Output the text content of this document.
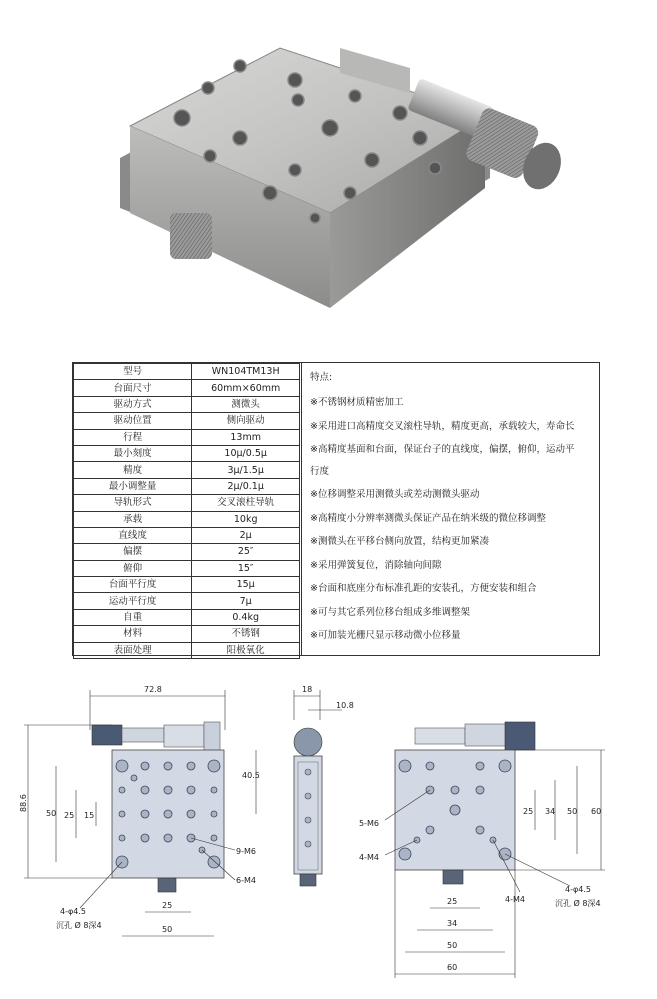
型号	WN104TM13H
台面尺寸	60mm×60mm
驱动方式	测微头
驱动位置	侧向驱动
行程	13mm
最小刻度	10μ/0.5μ
精度	3μ/1.5μ
最小调整量	2μ/0.1μ
导轨形式	交叉滚柱导轨
承载	10kg
直线度	2μ
偏摆	25″
俯仰	15″
台面平行度	15μ
运动平行度	7μ
自重	0.4kg
材料	不锈钢
表面处理	阳极氧化
特点:
※不锈钢材质精密加工
※采用进口高精度交叉滚柱导轨，精度更高，承载较大，寿命长
※高精度基面和台面，保证台子的直线度，偏摆，俯仰，运动平
行度
※位移调整采用测微头或差动测微头驱动
※高精度小分辨率测微头保证产品在纳米级的微位移调整
※测微头在平移台侧向放置，结构更加紧凑
※采用弹簧复位，消除轴向间隙
※台面和底座分布标准孔距的安装孔，方便安装和组合
※可与其它系列位移台组成多维调整架
※可加装光栅尺显示移动微小位移量
72.8
88.6
50 25 15
40.5
9-M6
6-M4
4-φ4.5
沉孔 Ø 8深4
25
50
18
10.8
5-M6
4-M4
25 34 50 60
4-M4
4-φ4.5
沉孔 Ø 8深4
25
34
50
60
